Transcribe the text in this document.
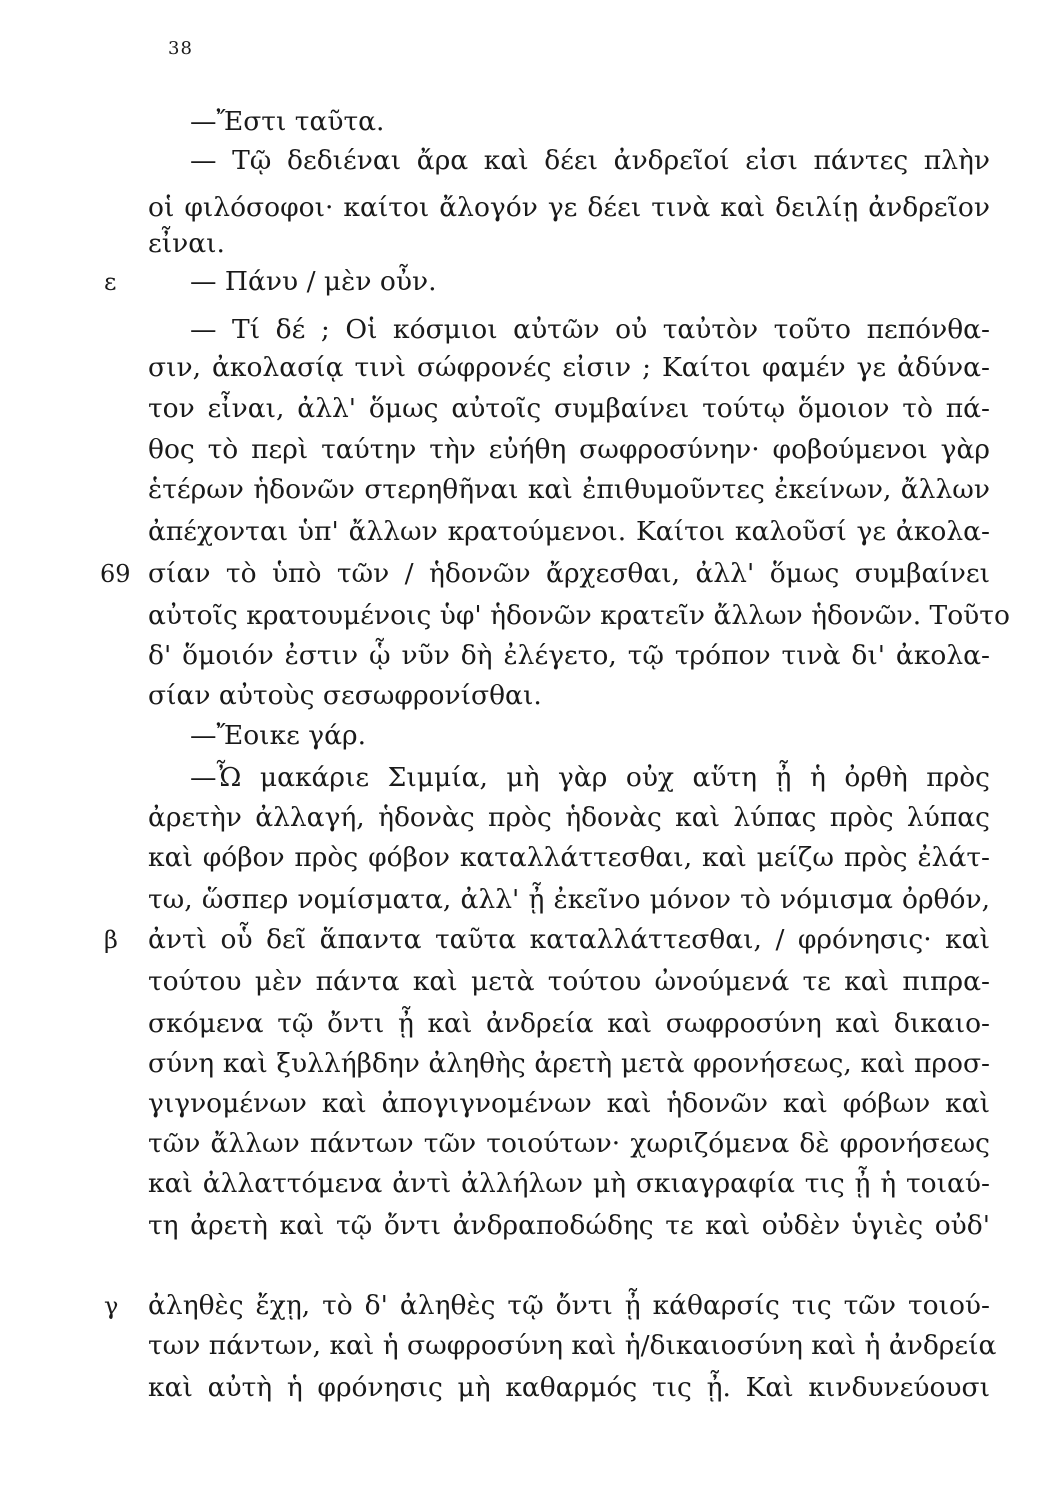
38
ε
69
β
γ
—Ἔστι ταῦτα.
— Τῷ δεδιέναι ἄρα καὶ δέει ἀνδρεῖοί εἰσι πάντες πλὴν
οἱ φιλόσοφοι· καίτοι ἄλογόν γε δέει τινὰ καὶ δειλίῃ ἀνδρεῖον
εἶναι.
— Πάνυ / μὲν οὖν.
— Τί δέ ; Οἱ κόσμιοι αὐτῶν οὐ ταὐτὸν τοῦτο πεπόνθα-
σιν, ἀκολασίᾳ τινὶ σώφρονές εἰσιν ; Καίτοι φαμέν γε ἀδύνα-
τον εἶναι, ἀλλ' ὅμως αὐτοῖς συμβαίνει τούτῳ ὅμοιον τὸ πά-
θος τὸ περὶ ταύτην τὴν εὐήθη σωφροσύνην· φοβούμενοι γὰρ
ἑτέρων ἡδονῶν στερηθῆναι καὶ ἐπιθυμοῦντες ἐκείνων, ἄλλων
ἀπέχονται ὑπ' ἄλλων κρατούμενοι. Καίτοι καλοῦσί γε ἀκολα-
σίαν τὸ ὑπὸ τῶν / ἡδονῶν ἄρχεσθαι, ἀλλ' ὅμως συμβαίνει
αὐτοῖς κρατουμένοις ὑφ' ἡδονῶν κρατεῖν ἄλλων ἡδονῶν. Τοῦτο
δ' ὅμοιόν ἐστιν ᾧ νῦν δὴ ἐλέγετο, τῷ τρόπον τινὰ δι' ἀκολα-
σίαν αὐτοὺς σεσωφρονίσθαι.
—Ἔοικε γάρ.
—Ὦ μακάριε Σιμμία, μὴ γὰρ οὐχ αὕτη ᾖ ἡ ὀρθὴ πρὸς
ἀρετὴν ἀλλαγή, ἡδονὰς πρὸς ἡδονὰς καὶ λύπας πρὸς λύπας
καὶ φόβον πρὸς φόβον καταλλάττεσθαι, καὶ μείζω πρὸς ἐλάτ-
τω, ὥσπερ νομίσματα, ἀλλ' ᾖ ἐκεῖνο μόνον τὸ νόμισμα ὀρθόν,
ἀντὶ οὗ δεῖ ἅπαντα ταῦτα καταλλάττεσθαι, / φρόνησις· καὶ
τούτου μὲν πάντα καὶ μετὰ τούτου ὠνούμενά τε καὶ πιπρα-
σκόμενα τῷ ὄντι ᾖ καὶ ἀνδρεία καὶ σωφροσύνη καὶ δικαιο-
σύνη καὶ ξυλλήβδην ἀληθὴς ἀρετὴ μετὰ φρονήσεως, καὶ προσ-
γιγνομένων καὶ ἀπογιγνομένων καὶ ἡδονῶν καὶ φόβων καὶ
τῶν ἄλλων πάντων τῶν τοιούτων· χωριζόμενα δὲ φρονήσεως
καὶ ἀλλαττόμενα ἀντὶ ἀλλήλων μὴ σκιαγραφία τις ᾖ ἡ τοιαύ-
τη ἀρετὴ καὶ τῷ ὄντι ἀνδραποδώδης τε καὶ οὐδὲν ὑγιὲς οὐδ'
ἀληθὲς ἔχῃ, τὸ δ' ἀληθὲς τῷ ὄντι ᾖ κάθαρσίς τις τῶν τοιού-
των πάντων, καὶ ἡ σωφροσύνη καὶ ἡ/δικαιοσύνη καὶ ἡ ἀνδρεία
καὶ αὐτὴ ἡ φρόνησις μὴ καθαρμός τις ᾖ. Καὶ κινδυνεύουσι
